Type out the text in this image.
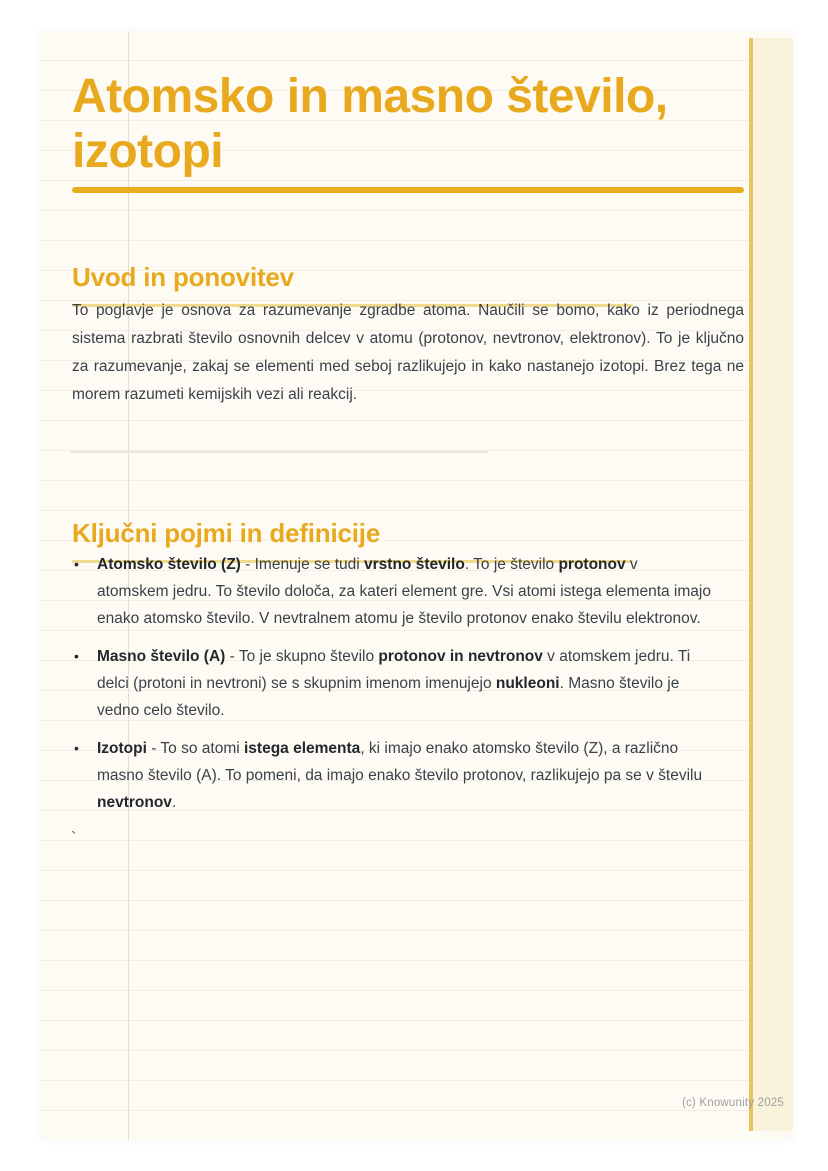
Atomsko in masno število,
izotopi
Uvod in ponovitev

To poglavje je osnova za razumevanje zgradbe atoma. Naučili se bomo, kako iz periodnega sistema razbrati število osnovnih delcev v atomu (protonov, nevtronov, elektronov). To je ključno za razumevanje, zakaj se elementi med seboj razlikujejo in kako nastanejo izotopi. Brez tega ne morem razumeti kemijskih vezi ali reakcij.

Ključni pojmi in definicije
•	Atomsko število (Z) - Imenuje se tudi vrstno število. To je število protonov v atomskem jedru. To število določa, za kateri element gre. Vsi atomi istega elementa imajo enako atomsko število. V nevtralnem atomu je število protonov enako številu elektronov.
•	Masno število (A) - To je skupno število protonov in nevtronov v atomskem jedru. Ti delci (protoni in nevtroni) se s skupnim imenom imenujejo nukleoni. Masno število je vedno celo število.
•	Izotopi - To so atomi istega elementa, ki imajo enako atomsko število (Z), a različno masno število (A). To pomeni, da imajo enako število protonov, razlikujejo pa se v številu nevtronov.
`
(c) Knowunity 2025
